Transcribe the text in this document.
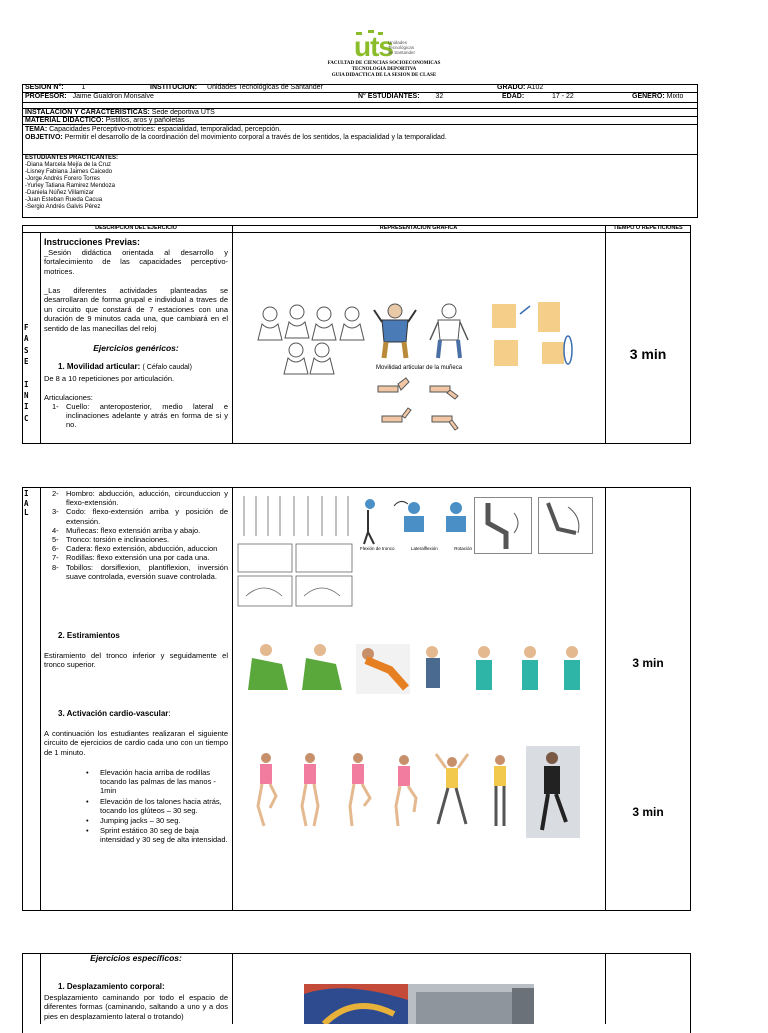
uts
Unidades
Tecnológicas
de Santander
FACULTAD DE CIENCIAS SOCIOECONOMICAS
TECNOLOGIA DEPORTIVA
GUIA DIDACTICA DE LA SESION DE CLASE
SESION N°:	1	INSTITUCION: Unidades Tecnológicas de Santander	GRADO: A102
PROFESOR: Jaime Gualdron Monsalve	N° ESTUDIANTES: 32	EDAD:	17 - 22	GENERO: Mixto
INSTALACION Y CARACTERISTICAS: Sede deportiva UTS
MATERIAL DIDACTICO: Pistillos, aros y pañoletas
TEMA: Capacidades Perceptivo-motrices: espacialidad, temporalidad, percepción.
OBJETIVO: Permitir el desarrollo de la coordinación del movimiento corporal a través de los sentidos, la espacialidad y la temporalidad.
ESTUDIANTES PRACTICANTES:
-Diana Marcela Mejía de la Cruz
-Lisney Fabiana Jaimes Caicedo
-Jorge Andrés Forero Torres
-Yurley Tatiana Ramirez Mendoza
-Daniela Núñez Villamizar
-Juan Esteban Rueda Cacua
-Sergio Andrés Galvis Pérez
DESCRIPCION DEL EJERCICIO	REPRESENTACION GRAFICA	TIEMPO O REPETICIONES
F
A
S
E
I
N
I
C
Instrucciones Previas:
_Sesión didáctica orientada al desarrollo y fortalecimiento de las capacidades perceptivo-motrices.
_Las diferentes actividades planteadas se desarrollaran de forma grupal e individual a traves de un circuito que constará de 7 estaciones con una duración de 9 minutos cada una, que cambiará en el sentido de las manecillas del reloj
Ejercicios genéricos:
1. Movilidad articular: ( Céfalo caudal)
De 8 a 10 repeticiones por articulación.
Articulaciones:
1- Cuello: anteroposterior, medio lateral e inclinaciones adelante y atrás en forma de si y no.
Movilidad articular de la muñeca
3 min
I
A
L
2- Hombro: abducción, aducción, circunduccion y flexo-extensión.
3- Codo: flexo-extensión arriba y posición de extensión.
4- Muñecas: flexo extensión arriba y abajo.
5- Tronco: torsión e inclinaciones.
6- Cadera: flexo extensión, abducción, aduccion
7- Rodillas: flexo extensión una por cada una.
8- Tobillos: dorsiflexion, plantiflexion, inversión suave controlada, eversión suave controlada.
Flexión de tronco	Lateralflexión	Rotación
2. Estiramientos
Estiramiento del tronco inferior y seguidamente el tronco superior.	3 min
3. Activación cardio-vascular:
A continuación los estudiantes realizaran el siguiente circuito de ejercicios de cardio cada uno con un tiempo de 1 minuto.
•	Elevación hacia arriba de rodillas tocando las palmas de las manos - 1min
•	Elevación de los talones hacia atrás, tocando los glúteos – 30 seg.
•	Jumping jacks – 30 seg.
•	Sprint estático 30 seg de baja intensidad y 30 seg de alta intensidad.
3 min
Ejercicios específicos:
1. Desplazamiento corporal:
Desplazamiento caminando por todo el espacio de diferentes formas (caminando, saltando a uno y a dos pies en desplazamiento lateral o trotando)
